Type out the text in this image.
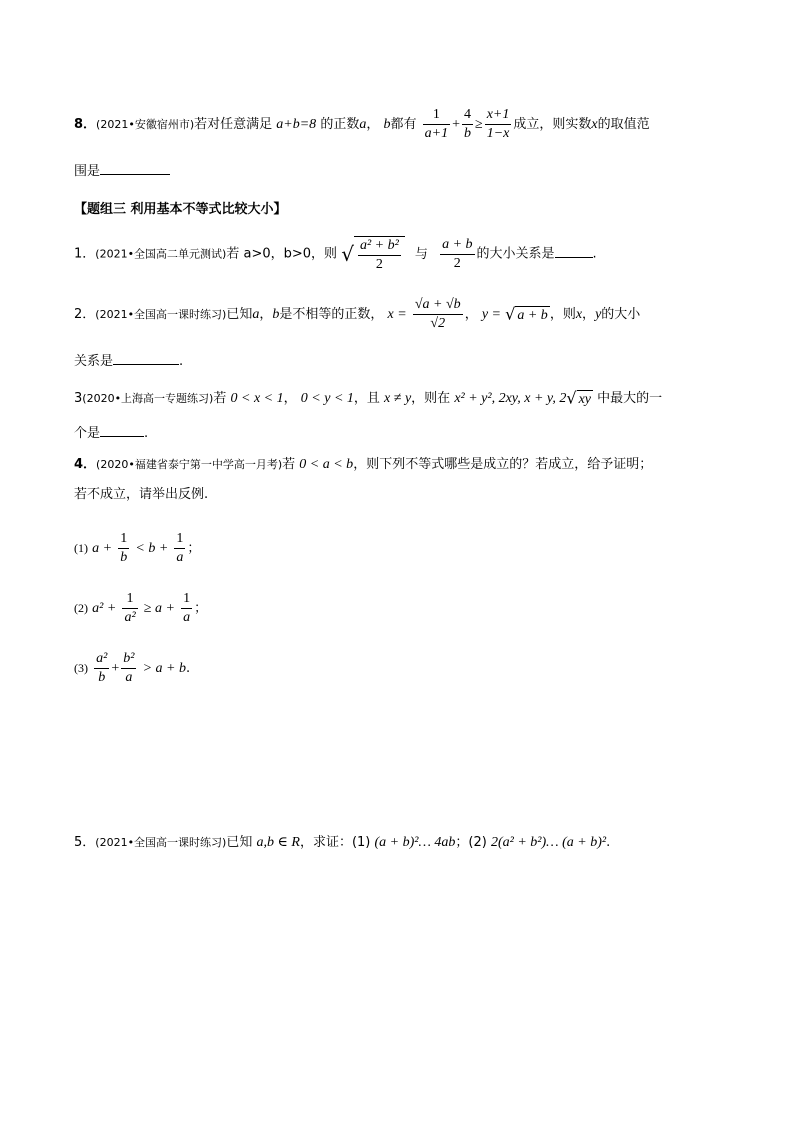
8．(2021•安徽宿州市)若对任意满足 a+b=8 的正数a， b都有 $\frac{1}{a+1} + \frac{4}{b} \ge \frac{x+1}{1-x}$ 成立，则实数x的取值范
围是
【题组三 利用基本不等式比较大小】
1．(2021•全国高二单元测试)若 a>0，b>0，则 √ $\frac{\text{a² + b²}}{2}$ 与 $\frac{a + b}{2}$ 的大小关系是	.
2．(2021•全国高一课时练习)已知a，b是不相等的正数， $x = \frac{√a + √b}{√2}$ ， y = √ a + b ，则x，y的大小
关系是	.
3(2020•上海高一专题练习)若 0 < x < 1， 0 < y < 1，且 x ≠ y，则在 x² + y², 2xy, x + y, 2√ xy 中最大的一
个是	.
4．(2020•福建省泰宁第一中学高一月考)若 0 < a < b，则下列不等式哪些是成立的？若成立，给予证明；
若不成立，请举出反例.
(1) $a + \frac{1}{b} < b + \frac{1}{a}$ ；
(2) $a^2 + \frac{1}{\text{a²}} \ge a + \frac{1}{a}$ ；
$(3) \frac{\text{a²}}{b} + \frac{\text{b²}}{a} > a + b$.
5．(2021•全国高一课时练习)已知 a,b ∈ R，求证：(1) (a + b)²… 4ab；(2) 2(a² + b²)… (a + b)².
